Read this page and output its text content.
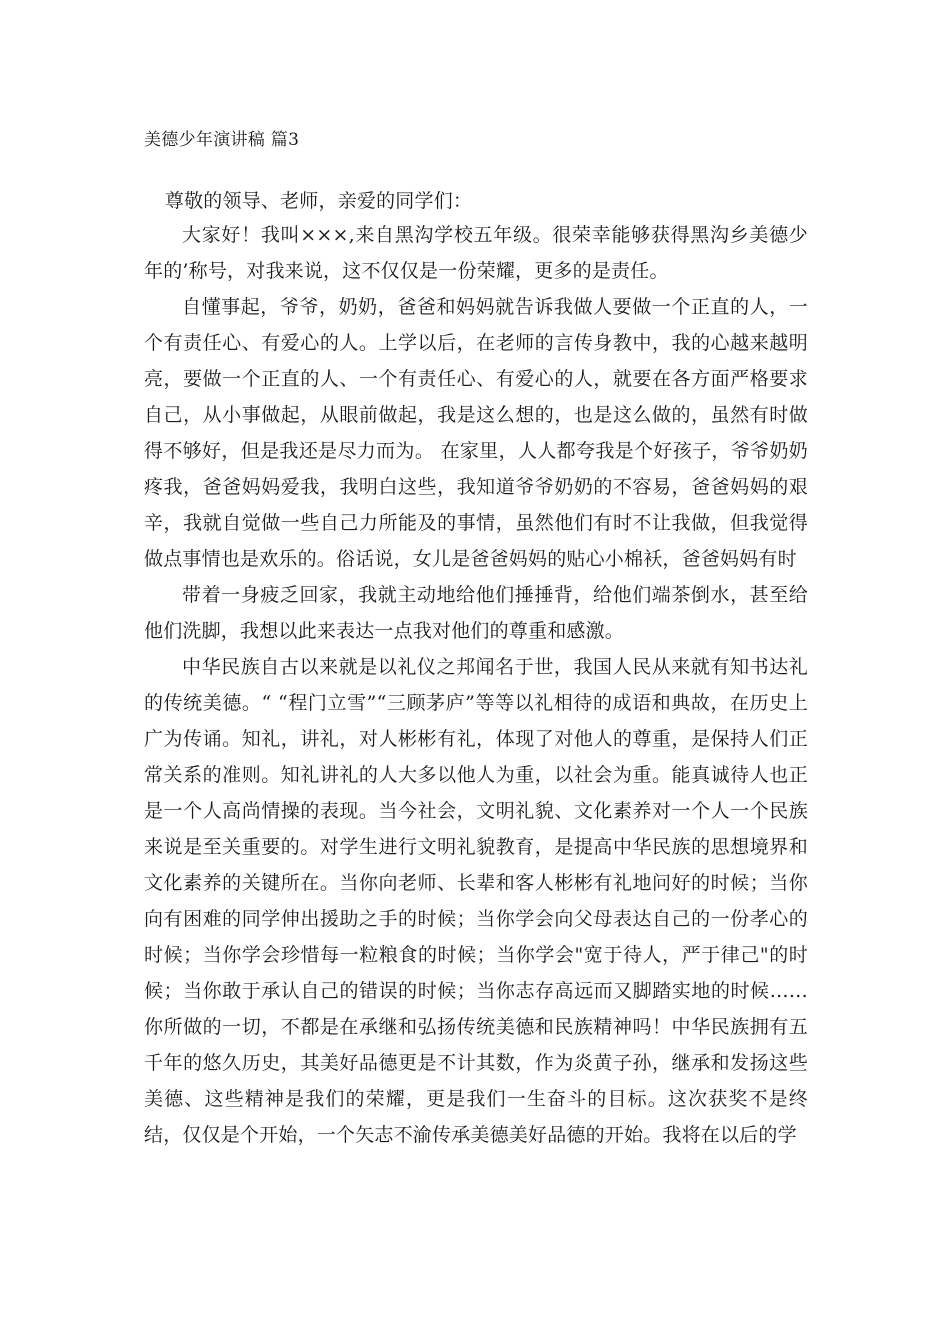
美德少年演讲稿 篇3

尊敬的领导、老师，亲爱的同学们：

大家好！我叫×××,来自黑沟学校五年级。很荣幸能够获得黑沟乡美德少年的’称号，对我来说，这不仅仅是一份荣耀，更多的是责任。

自懂事起，爷爷，奶奶，爸爸和妈妈就告诉我做人要做一个正直的人，一个有责任心、有爱心的人。上学以后，在老师的言传身教中，我的心越来越明亮，要做一个正直的人、一个有责任心、有爱心的人，就要在各方面严格要求自己，从小事做起，从眼前做起，我是这么想的，也是这么做的，虽然有时做得不够好，但是我还是尽力而为。 在家里，人人都夸我是个好孩子，爷爷奶奶疼我，爸爸妈妈爱我，我明白这些，我知道爷爷奶奶的不容易，爸爸妈妈的艰辛，我就自觉做一些自己力所能及的事情，虽然他们有时不让我做，但我觉得做点事情也是欢乐的。俗话说，女儿是爸爸妈妈的贴心小棉袄，爸爸妈妈有时

带着一身疲乏回家，我就主动地给他们捶捶背，给他们端茶倒水，甚至给他们洗脚，我想以此来表达一点我对他们的尊重和感激。

中华民族自古以来就是以礼仪之邦闻名于世，我国人民从来就有知书达礼的传统美德。“ “程门立雪”“三顾茅庐”等等以礼相待的成语和典故，在历史上广为传诵。知礼，讲礼，对人彬彬有礼，体现了对他人的尊重，是保持人们正常关系的准则。知礼讲礼的人大多以他人为重，以社会为重。能真诚待人也正是一个人高尚情操的表现。当今社会，文明礼貌、文化素养对一个人一个民族来说是至关重要的。对学生进行文明礼貌教育，是提高中华民族的思想境界和文化素养的关键所在。当你向老师、长辈和客人彬彬有礼地问好的时候；当你向有困难的同学伸出援助之手的时候；当你学会向父母表达自己的一份孝心的时候；当你学会珍惜每一粒粮食的时候；当你学会"宽于待人，严于律己"的时候；当你敢于承认自己的错误的时候；当你志存高远而又脚踏实地的时候……你所做的一切，不都是在承继和弘扬传统美德和民族精神吗！中华民族拥有五千年的悠久历史，其美好品德更是不计其数，作为炎黄子孙，继承和发扬这些美德、这些精神是我们的荣耀，更是我们一生奋斗的目标。这次获奖不是终结，仅仅是个开始，一个矢志不渝传承美德美好品德的开始。我将在以后的学
